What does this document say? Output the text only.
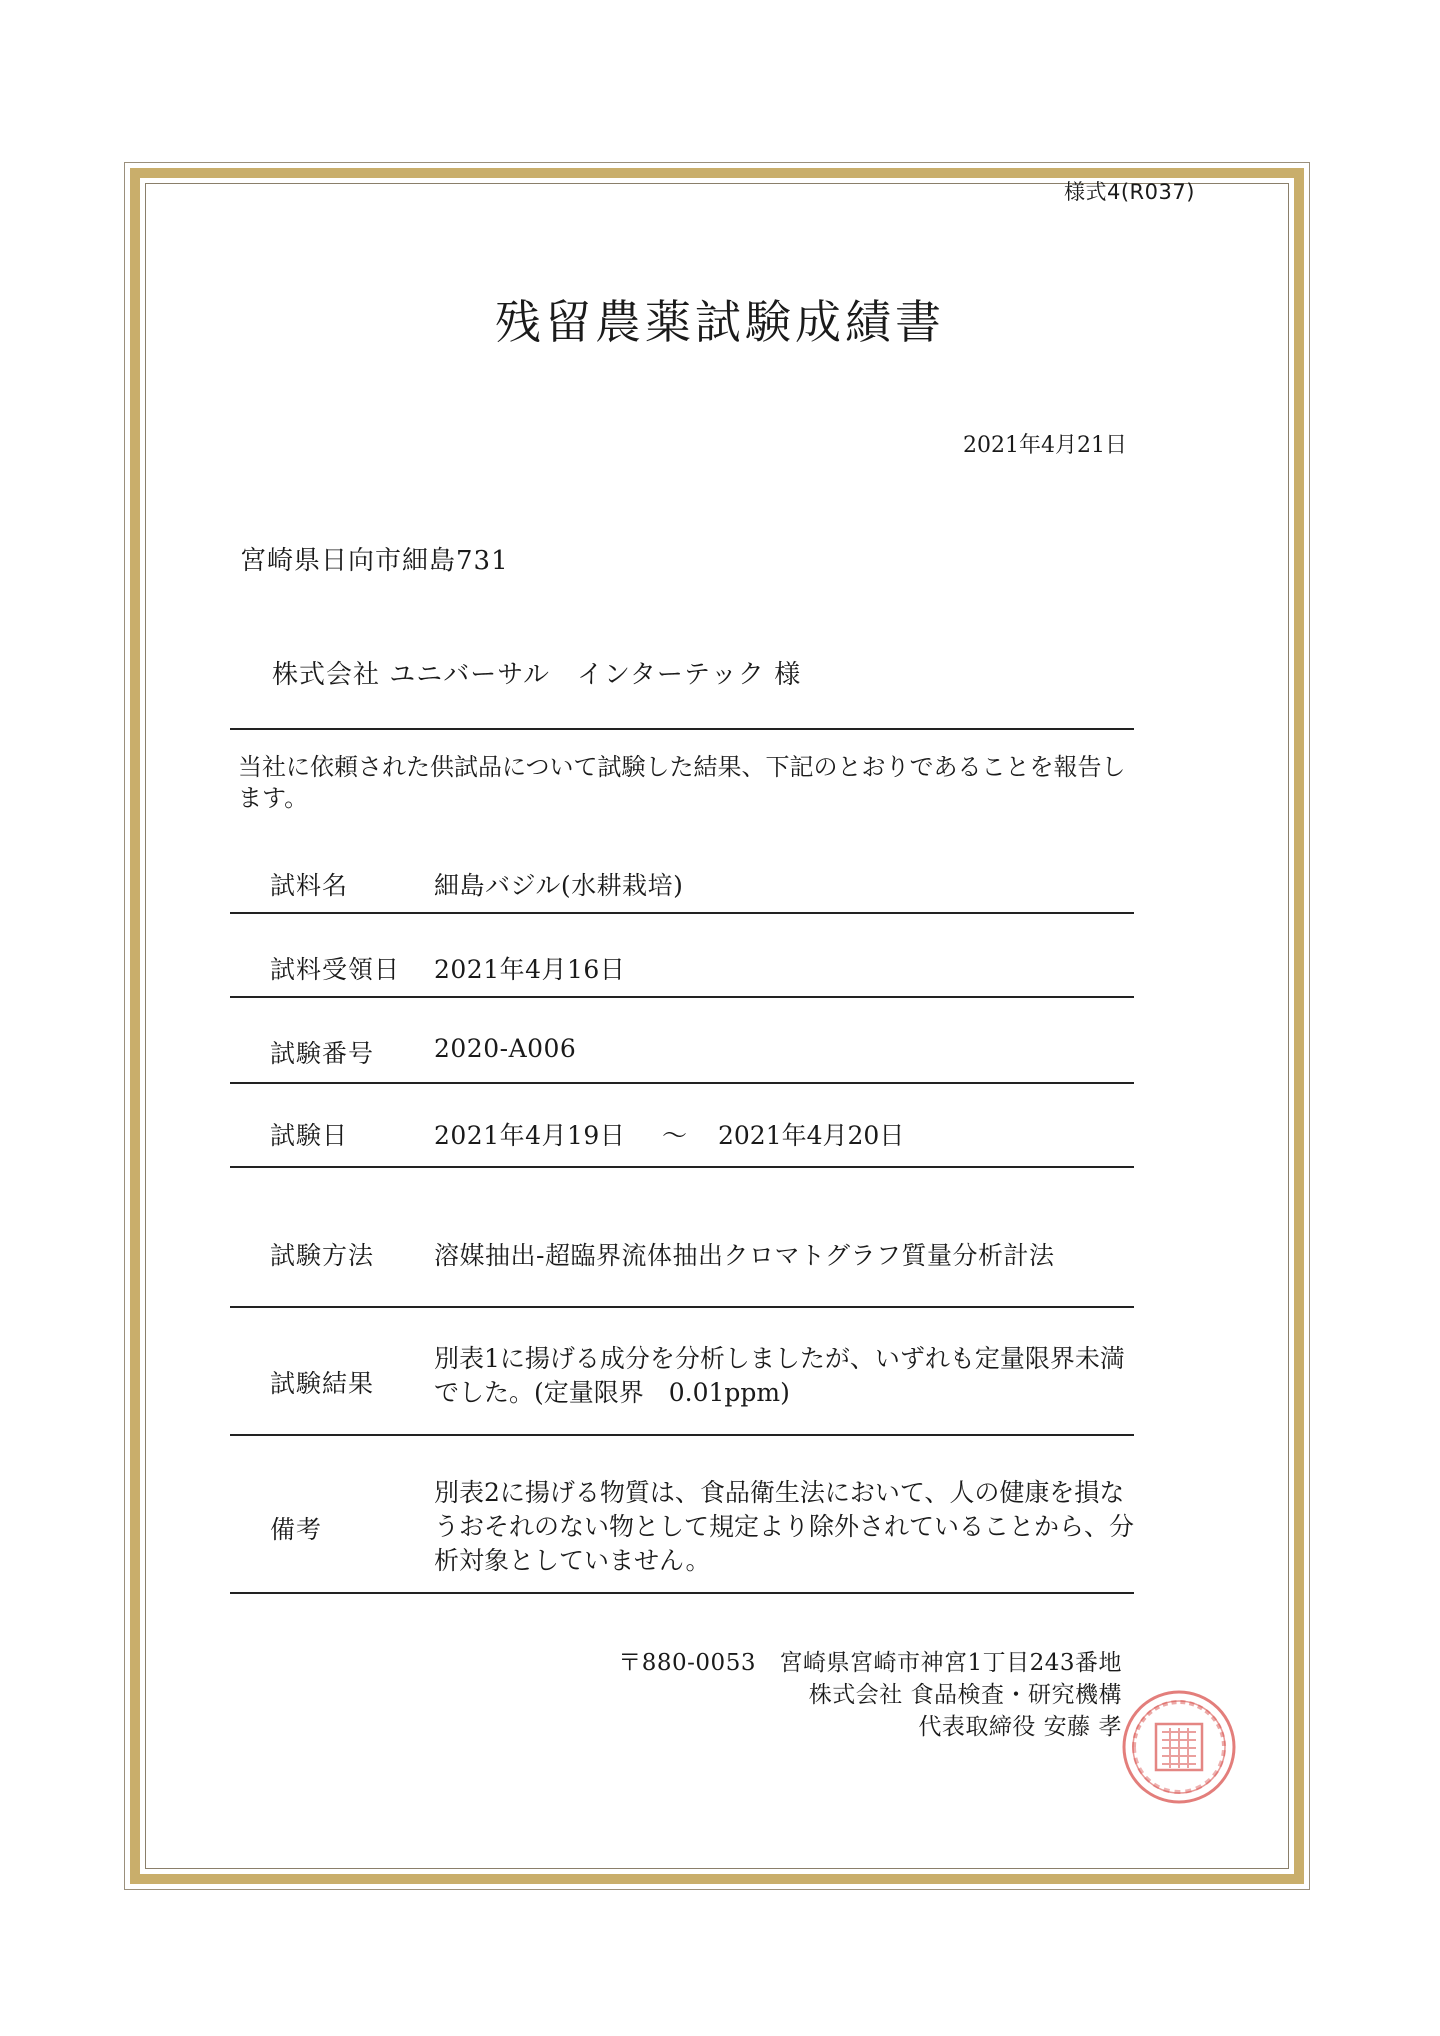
様式4(R037)
残留農薬試験成績書
2021年4月21日
宮崎県日向市細島731
株式会社 ユニバーサル　インターテック 様
当社に依頼された供試品について試験した結果、下記のとおりであることを報告します。
試料名	細島バジル(水耕栽培)
試料受領日 2021年4月16日
試験番号 2020-A006
試験日	2021年4月19日 ～ 2021年4月20日
試験方法 溶媒抽出-超臨界流体抽出クロマトグラフ質量分析計法
試験結果
別表1に揚げる成分を分析しましたが、いずれも定量限界未満でした。(定量限界　0.01ppm)
備考
別表2に揚げる物質は、食品衛生法において、人の健康を損なうおそれのない物として規定より除外されていることから、分析対象としていません。
〒880-0053　宮崎県宮崎市神宮1丁目243番地
株式会社 食品検査・研究機構
代表取締役 安藤 孝
